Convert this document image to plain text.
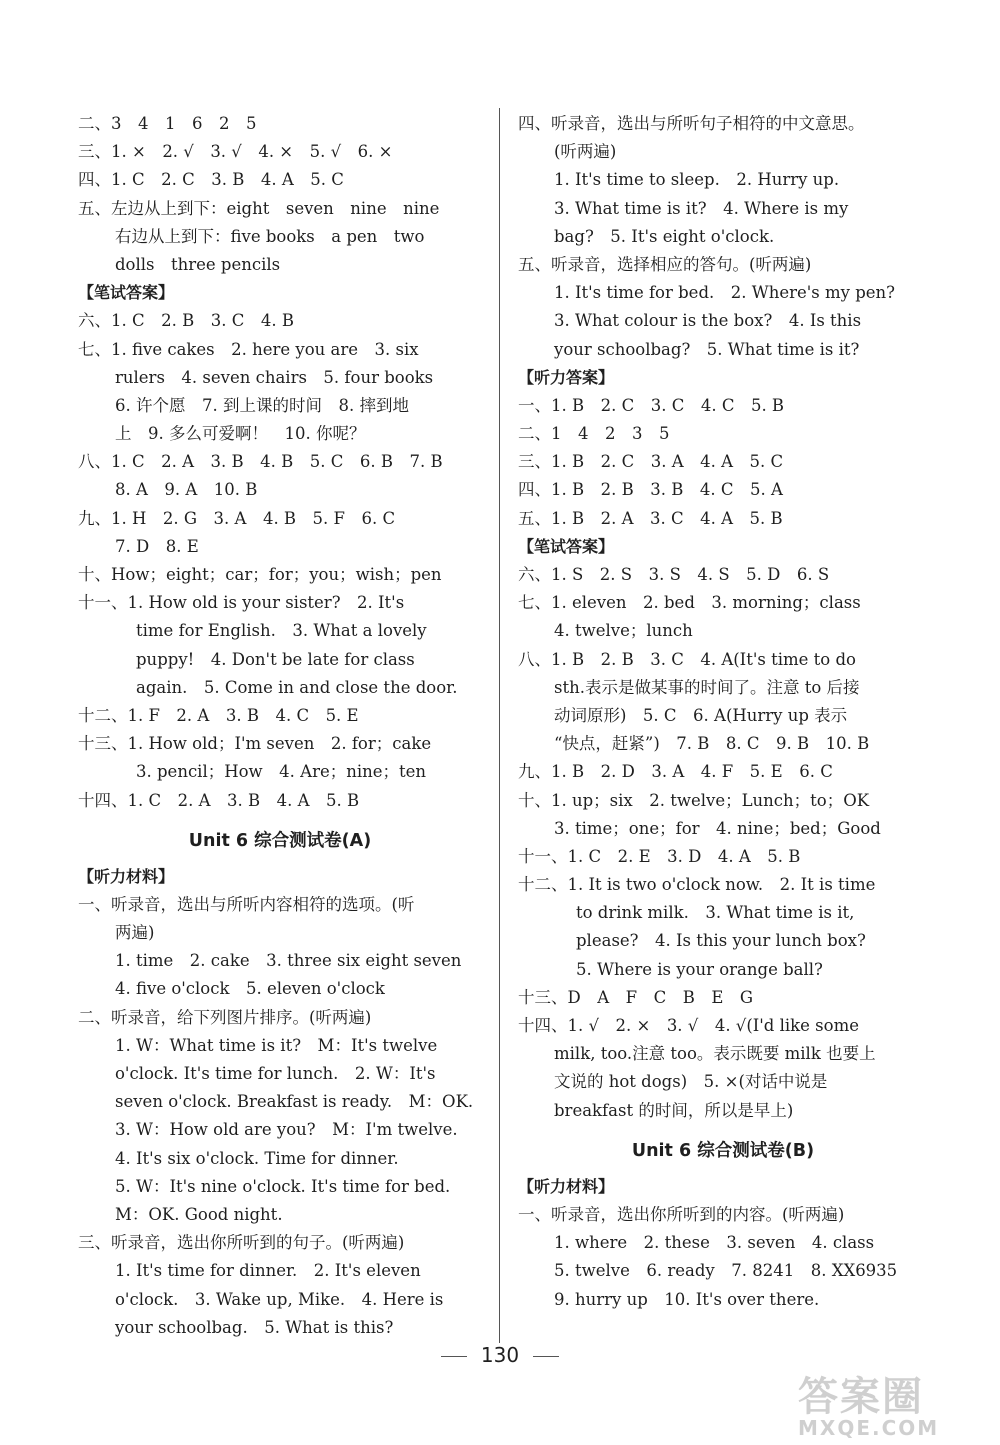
二、3　4　1　6　2　5
三、1. ×　2. √　3. √　4. ×　5. √　6. ×
四、1. C　2. C　3. B　4. A　5. C
五、左边从上到下：eight　seven　nine　nine
右边从上到下：five books　a pen　two
dolls　three pencils
【笔试答案】
六、1. C　2. B　3. C　4. B
七、1. five cakes　2. here you are　3. six
rulers　4. seven chairs　5. four books
6. 许个愿　7. 到上课的时间　8. 摔到地
上　9. 多么可爱啊！　10. 你呢？
八、1. C　2. A　3. B　4. B　5. C　6. B　7. B
8. A　9. A　10. B
九、1. H　2. G　3. A　4. B　5. F　6. C
7. D　8. E
十、How；eight；car；for；you；wish；pen
十一、1. How old is your sister?　2. It's
time for English.　3. What a lovely
puppy!　4. Don't be late for class
again.　5. Come in and close the door.
十二、1. F　2. A　3. B　4. C　5. E
十三、1. How old；I'm seven　2. for；cake
3. pencil；How　4. Are；nine；ten
十四、1. C　2. A　3. B　4. A　5. B
Unit 6 综合测试卷(A)
【听力材料】
一、听录音，选出与所听内容相符的选项。(听
两遍)
1. time　2. cake　3. three six eight seven
4. five o'clock　5. eleven o'clock
二、听录音，给下列图片排序。(听两遍)
1. W：What time is it?　M：It's twelve
o'clock. It's time for lunch.　2. W：It's
seven o'clock. Breakfast is ready.　M：OK.
3. W：How old are you?　M：I'm twelve.
4. It's six o'clock. Time for dinner.
5. W：It's nine o'clock. It's time for bed.
M：OK. Good night.
三、听录音，选出你所听到的句子。(听两遍)
1. It's time for dinner.　2. It's eleven
o'clock.　3. Wake up, Mike.　4. Here is
your schoolbag.　5. What is this?
四、听录音，选出与所听句子相符的中文意思。
(听两遍)
1. It's time to sleep.　2. Hurry up.
3. What time is it?　4. Where is my
bag?　5. It's eight o'clock.
五、听录音，选择相应的答句。(听两遍)
1. It's time for bed.　2. Where's my pen?
3. What colour is the box?　4. Is this
your schoolbag?　5. What time is it?
【听力答案】
一、1. B　2. C　3. C　4. C　5. B
二、1　4　2　3　5
三、1. B　2. C　3. A　4. A　5. C
四、1. B　2. B　3. B　4. C　5. A
五、1. B　2. A　3. C　4. A　5. B
【笔试答案】
六、1. S　2. S　3. S　4. S　5. D　6. S
七、1. eleven　2. bed　3. morning；class
4. twelve；lunch
八、1. B　2. B　3. C　4. A(It's time to do
sth.表示是做某事的时间了。注意 to 后接
动词原形)　5. C　6. A(Hurry up 表示
“快点，赶紧”)　7. B　8. C　9. B　10. B
九、1. B　2. D　3. A　4. F　5. E　6. C
十、1. up；six　2. twelve；Lunch；to；OK
3. time；one；for　4. nine；bed；Good
十一、1. C　2. E　3. D　4. A　5. B
十二、1. It is two o'clock now.　2. It is time
to drink milk.　3. What time is it,
please?　4. Is this your lunch box?
5. Where is your orange ball?
十三、D　A　F　C　B　E　G
十四、1. √　2. ×　3. √　4. √(I'd like some
milk, too.注意 too。表示既要 milk 也要上
文说的 hot dogs)　5. ×(对话中说是
breakfast 的时间，所以是早上)
Unit 6 综合测试卷(B)
【听力材料】
一、听录音，选出你所听到的内容。(听两遍)
1. where　2. these　3. seven　4. class
5. twelve　6. ready　7. 8241　8. XX6935
9. hurry up　10. It's over there.
130
答案圈
MXQE.COM
